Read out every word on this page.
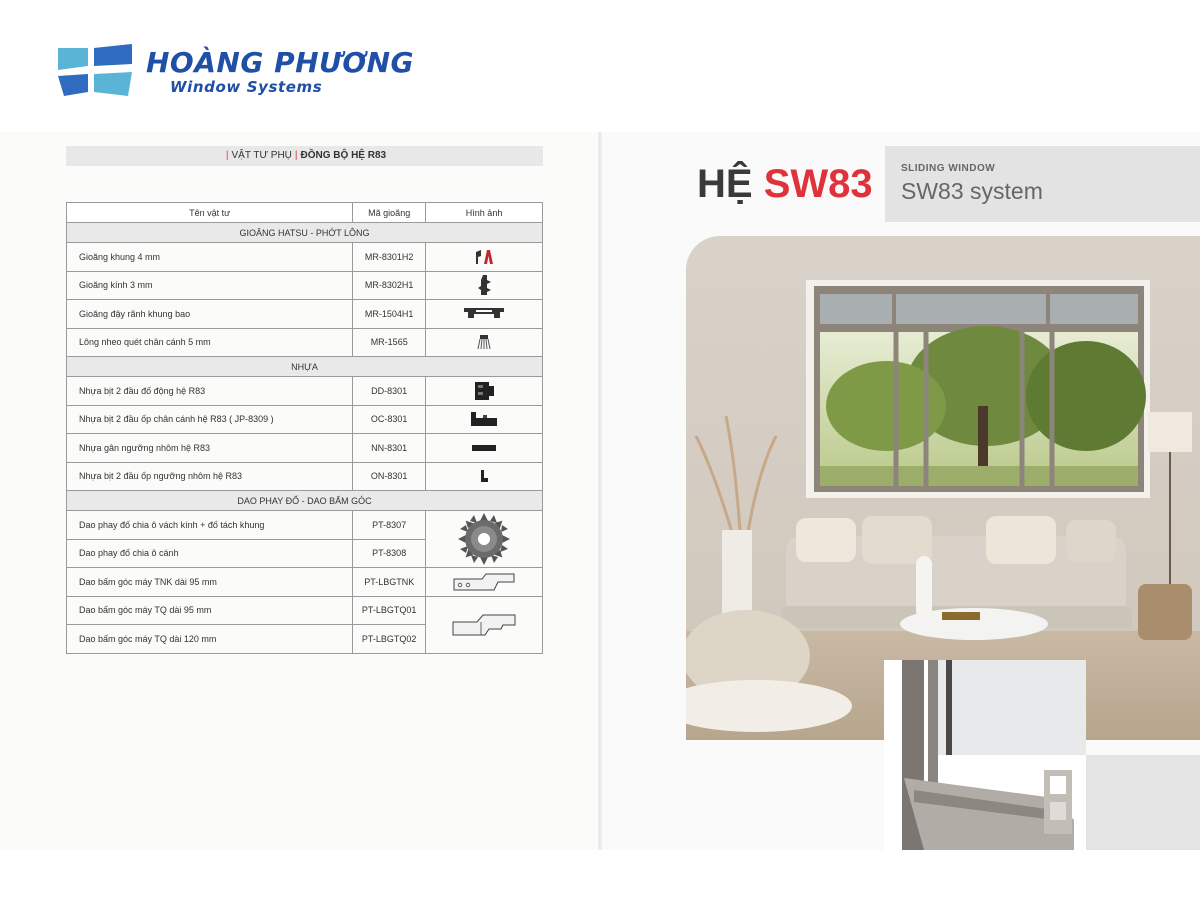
HOÀNG PHƯƠNG
Window Systems
| VẬT TƯ PHỤ | ĐỒNG BỘ HỆ R83
Tên vật tư	Mã gioăng	Hình ảnh
GIOĂNG HATSU - PHỚT LÔNG		
Gioăng khung 4 mm	MR-8301H2	

Gioăng kính 3 mm	MR-8302H1	

Gioăng đậy rãnh khung bao	MR-1504H1	

Lông nheo quét chân cánh 5 mm	MR-1565	

NHỰA		
Nhựa bịt 2 đầu đố động hệ R83	DD-8301	

Nhựa bịt 2 đầu ốp chân cánh hệ R83 ( JP-8309 )	OC-8301	

Nhựa gân ngưỡng nhôm hệ R83	NN-8301	

Nhựa bịt 2 đầu ốp ngưỡng nhôm hệ R83	ON-8301	

DAO PHAY ĐỐ - DAO BẤM GÓC		
Dao phay đố chia ô vách kính + đố tách khung	PT-8307	

Dao phay đố chia ô cánh	PT-8308	
Dao bấm góc máy TNK dài 95 mm	PT-LBGTNK	

Dao bấm góc máy TQ dài 95 mm	PT-LBGTQ01	

Dao bấm góc máy TQ dài 120 mm	PT-LBGTQ02	
HỆ SW83	SLIDING WINDOW
SW83 system
